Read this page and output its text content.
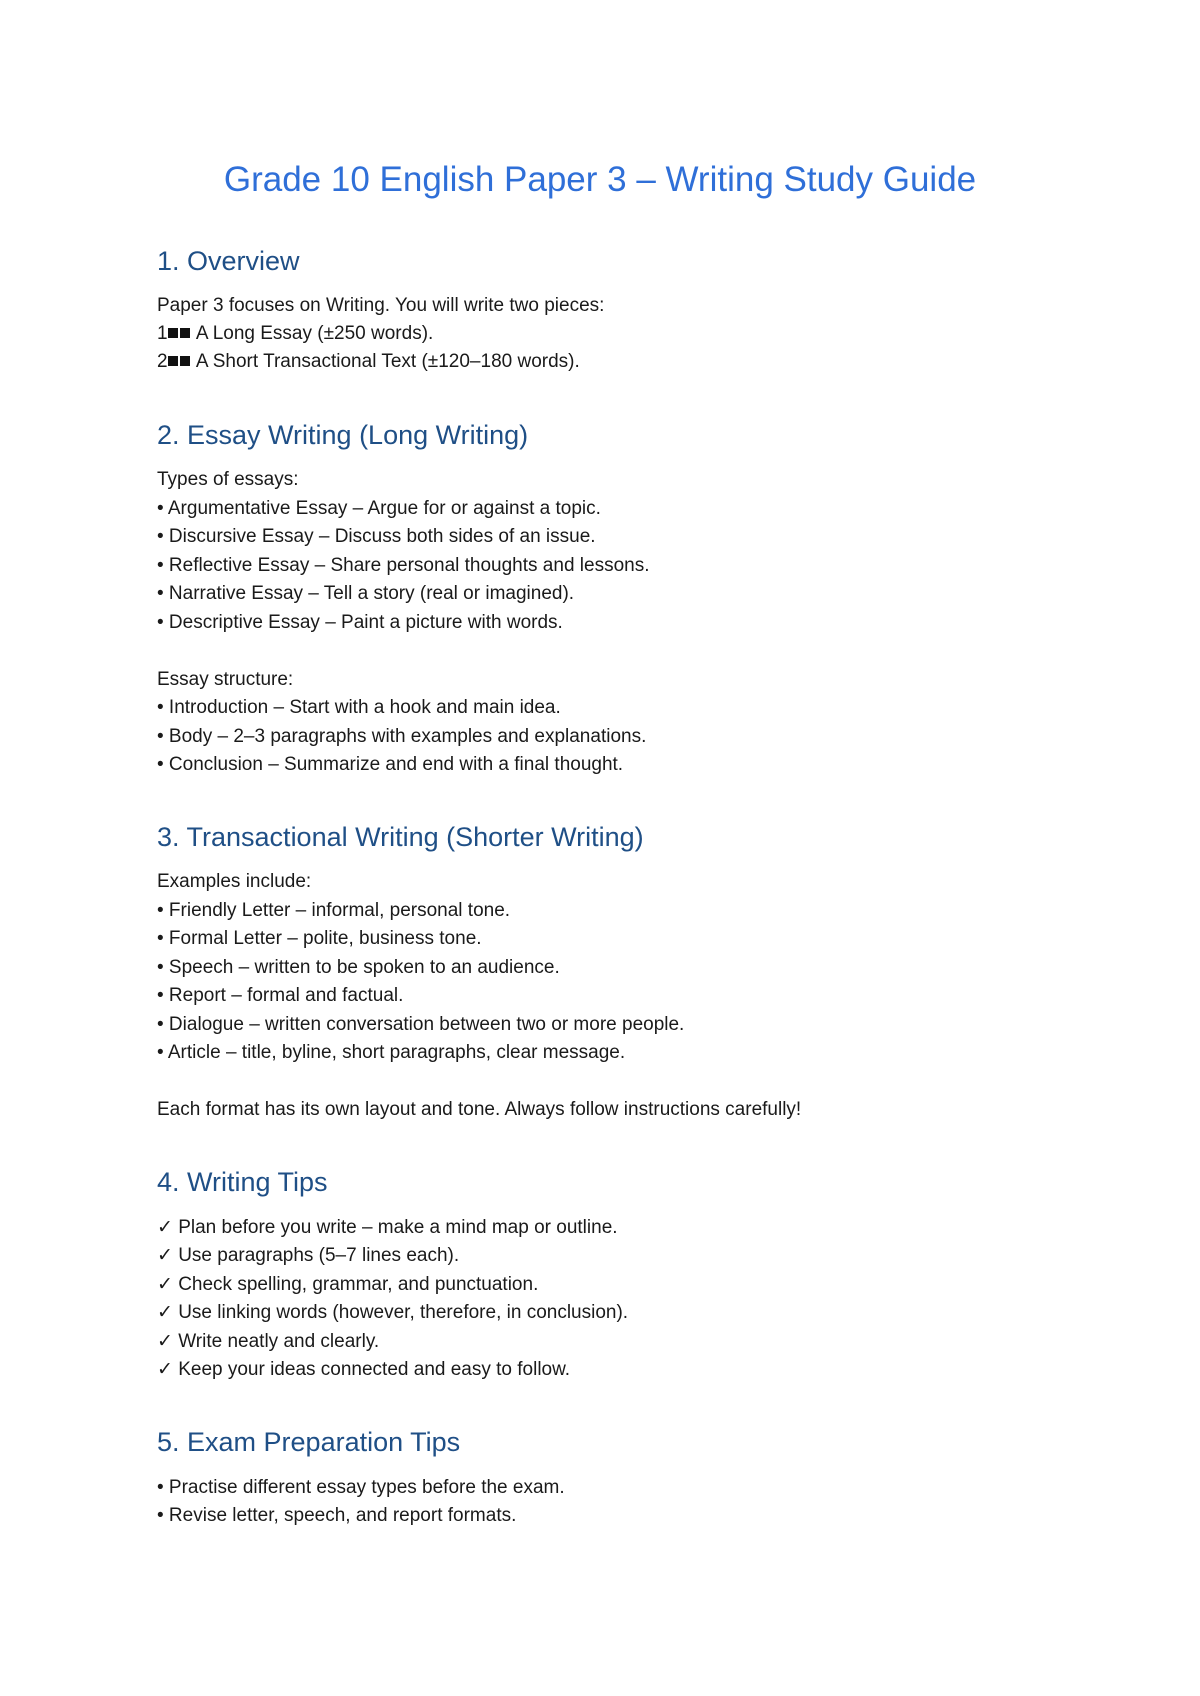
Grade 10 English Paper 3 – Writing Study Guide
1. Overview

Paper 3 focuses on Writing. You will write two pieces:

1 A Long Essay (±250 words).

2 A Short Transactional Text (±120–180 words).

2. Essay Writing (Long Writing)

Types of essays:

• Argumentative Essay – Argue for or against a topic.

• Discursive Essay – Discuss both sides of an issue.

• Reflective Essay – Share personal thoughts and lessons.

• Narrative Essay – Tell a story (real or imagined).

• Descriptive Essay – Paint a picture with words.

Essay structure:

• Introduction – Start with a hook and main idea.

• Body – 2–3 paragraphs with examples and explanations.

• Conclusion – Summarize and end with a final thought.

3. Transactional Writing (Shorter Writing)

Examples include:

• Friendly Letter – informal, personal tone.

• Formal Letter – polite, business tone.

• Speech – written to be spoken to an audience.

• Report – formal and factual.

• Dialogue – written conversation between two or more people.

• Article – title, byline, short paragraphs, clear message.

Each format has its own layout and tone. Always follow instructions carefully!

4. Writing Tips

✓ Plan before you write – make a mind map or outline.

✓ Use paragraphs (5–7 lines each).

✓ Check spelling, grammar, and punctuation.

✓ Use linking words (however, therefore, in conclusion).

✓ Write neatly and clearly.

✓ Keep your ideas connected and easy to follow.

5. Exam Preparation Tips

• Practise different essay types before the exam.

• Revise letter, speech, and report formats.
